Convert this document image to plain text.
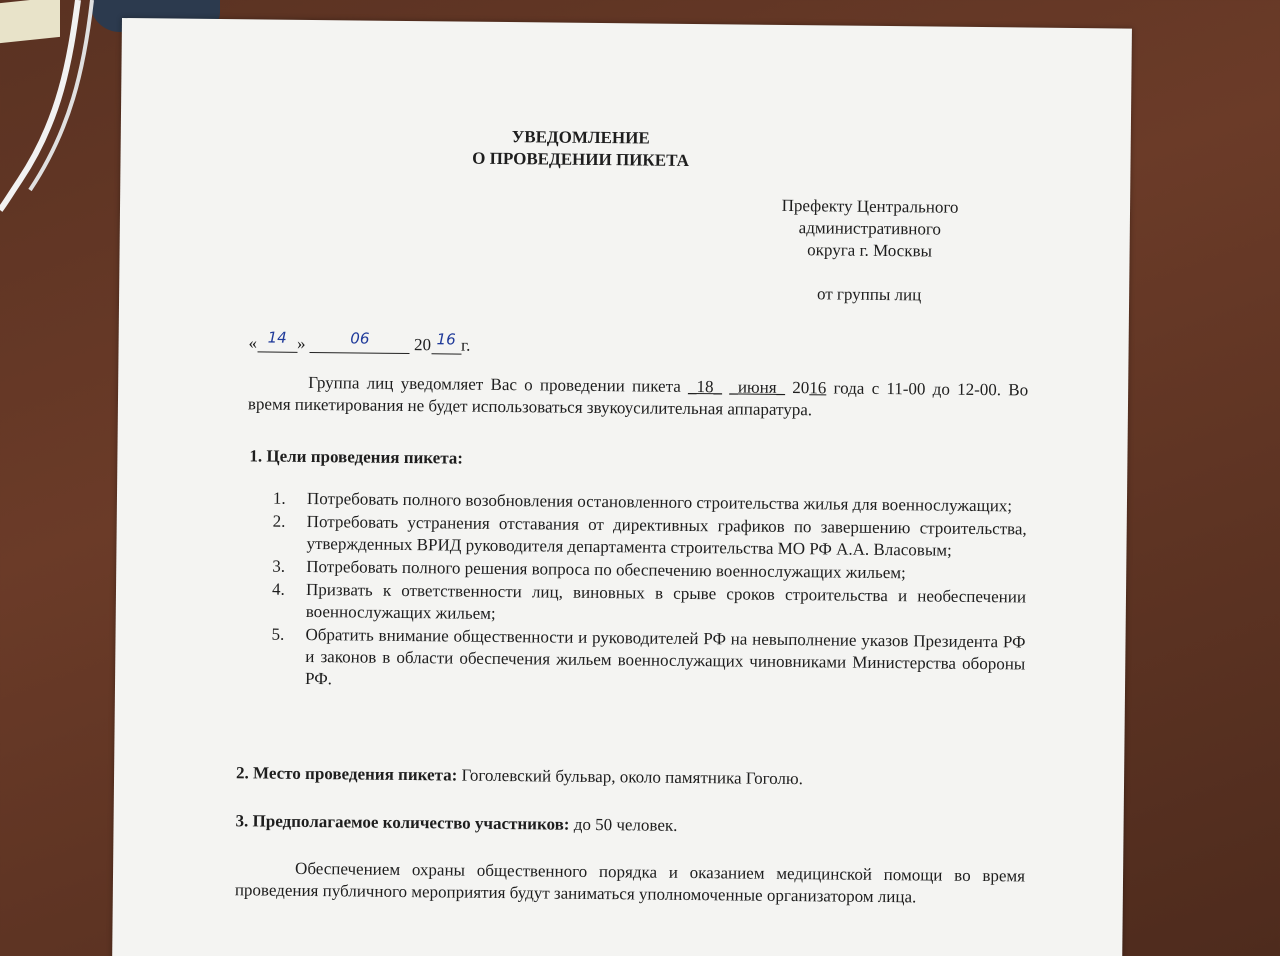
УВЕДОМЛЕНИЕ
О ПРОВЕДЕНИИ ПИКЕТА
Префекту Центрального
административного
округа г. Москвы
от группы лиц
« 14 »	06	20 16 г.
Группа лиц уведомляет Вас о проведении пикета _18_ _июня_ 2016 года с 11-00 до 12-00. Во время пикетирования не будет использоваться звукоусилительная аппаратура.
1. Цели проведения пикета:
1.	Потребовать полного возобновления остановленного строительства жилья для военнослужащих;
2.	Потребовать устранения отставания от директивных графиков по завершению строительства, утвержденных ВРИД руководителя департамента строительства МО РФ А.А. Власовым;
3.	Потребовать полного решения вопроса по обеспечению военнослужащих жильем;
4.	Призвать к ответственности лиц, виновных в срыве сроков строительства и необеспечении военнослужащих жильем;
5.	Обратить внимание общественности и руководителей РФ на невыполнение указов Президента РФ и законов в области обеспечения жильем военнослужащих чиновниками Министерства обороны РФ.
2. Место проведения пикета: Гоголевский бульвар, около памятника Гоголю.
3. Предполагаемое количество участников: до 50 человек.
Обеспечением охраны общественного порядка и оказанием медицинской помощи во время проведения публичного мероприятия будут заниматься уполномоченные организатором лица.
